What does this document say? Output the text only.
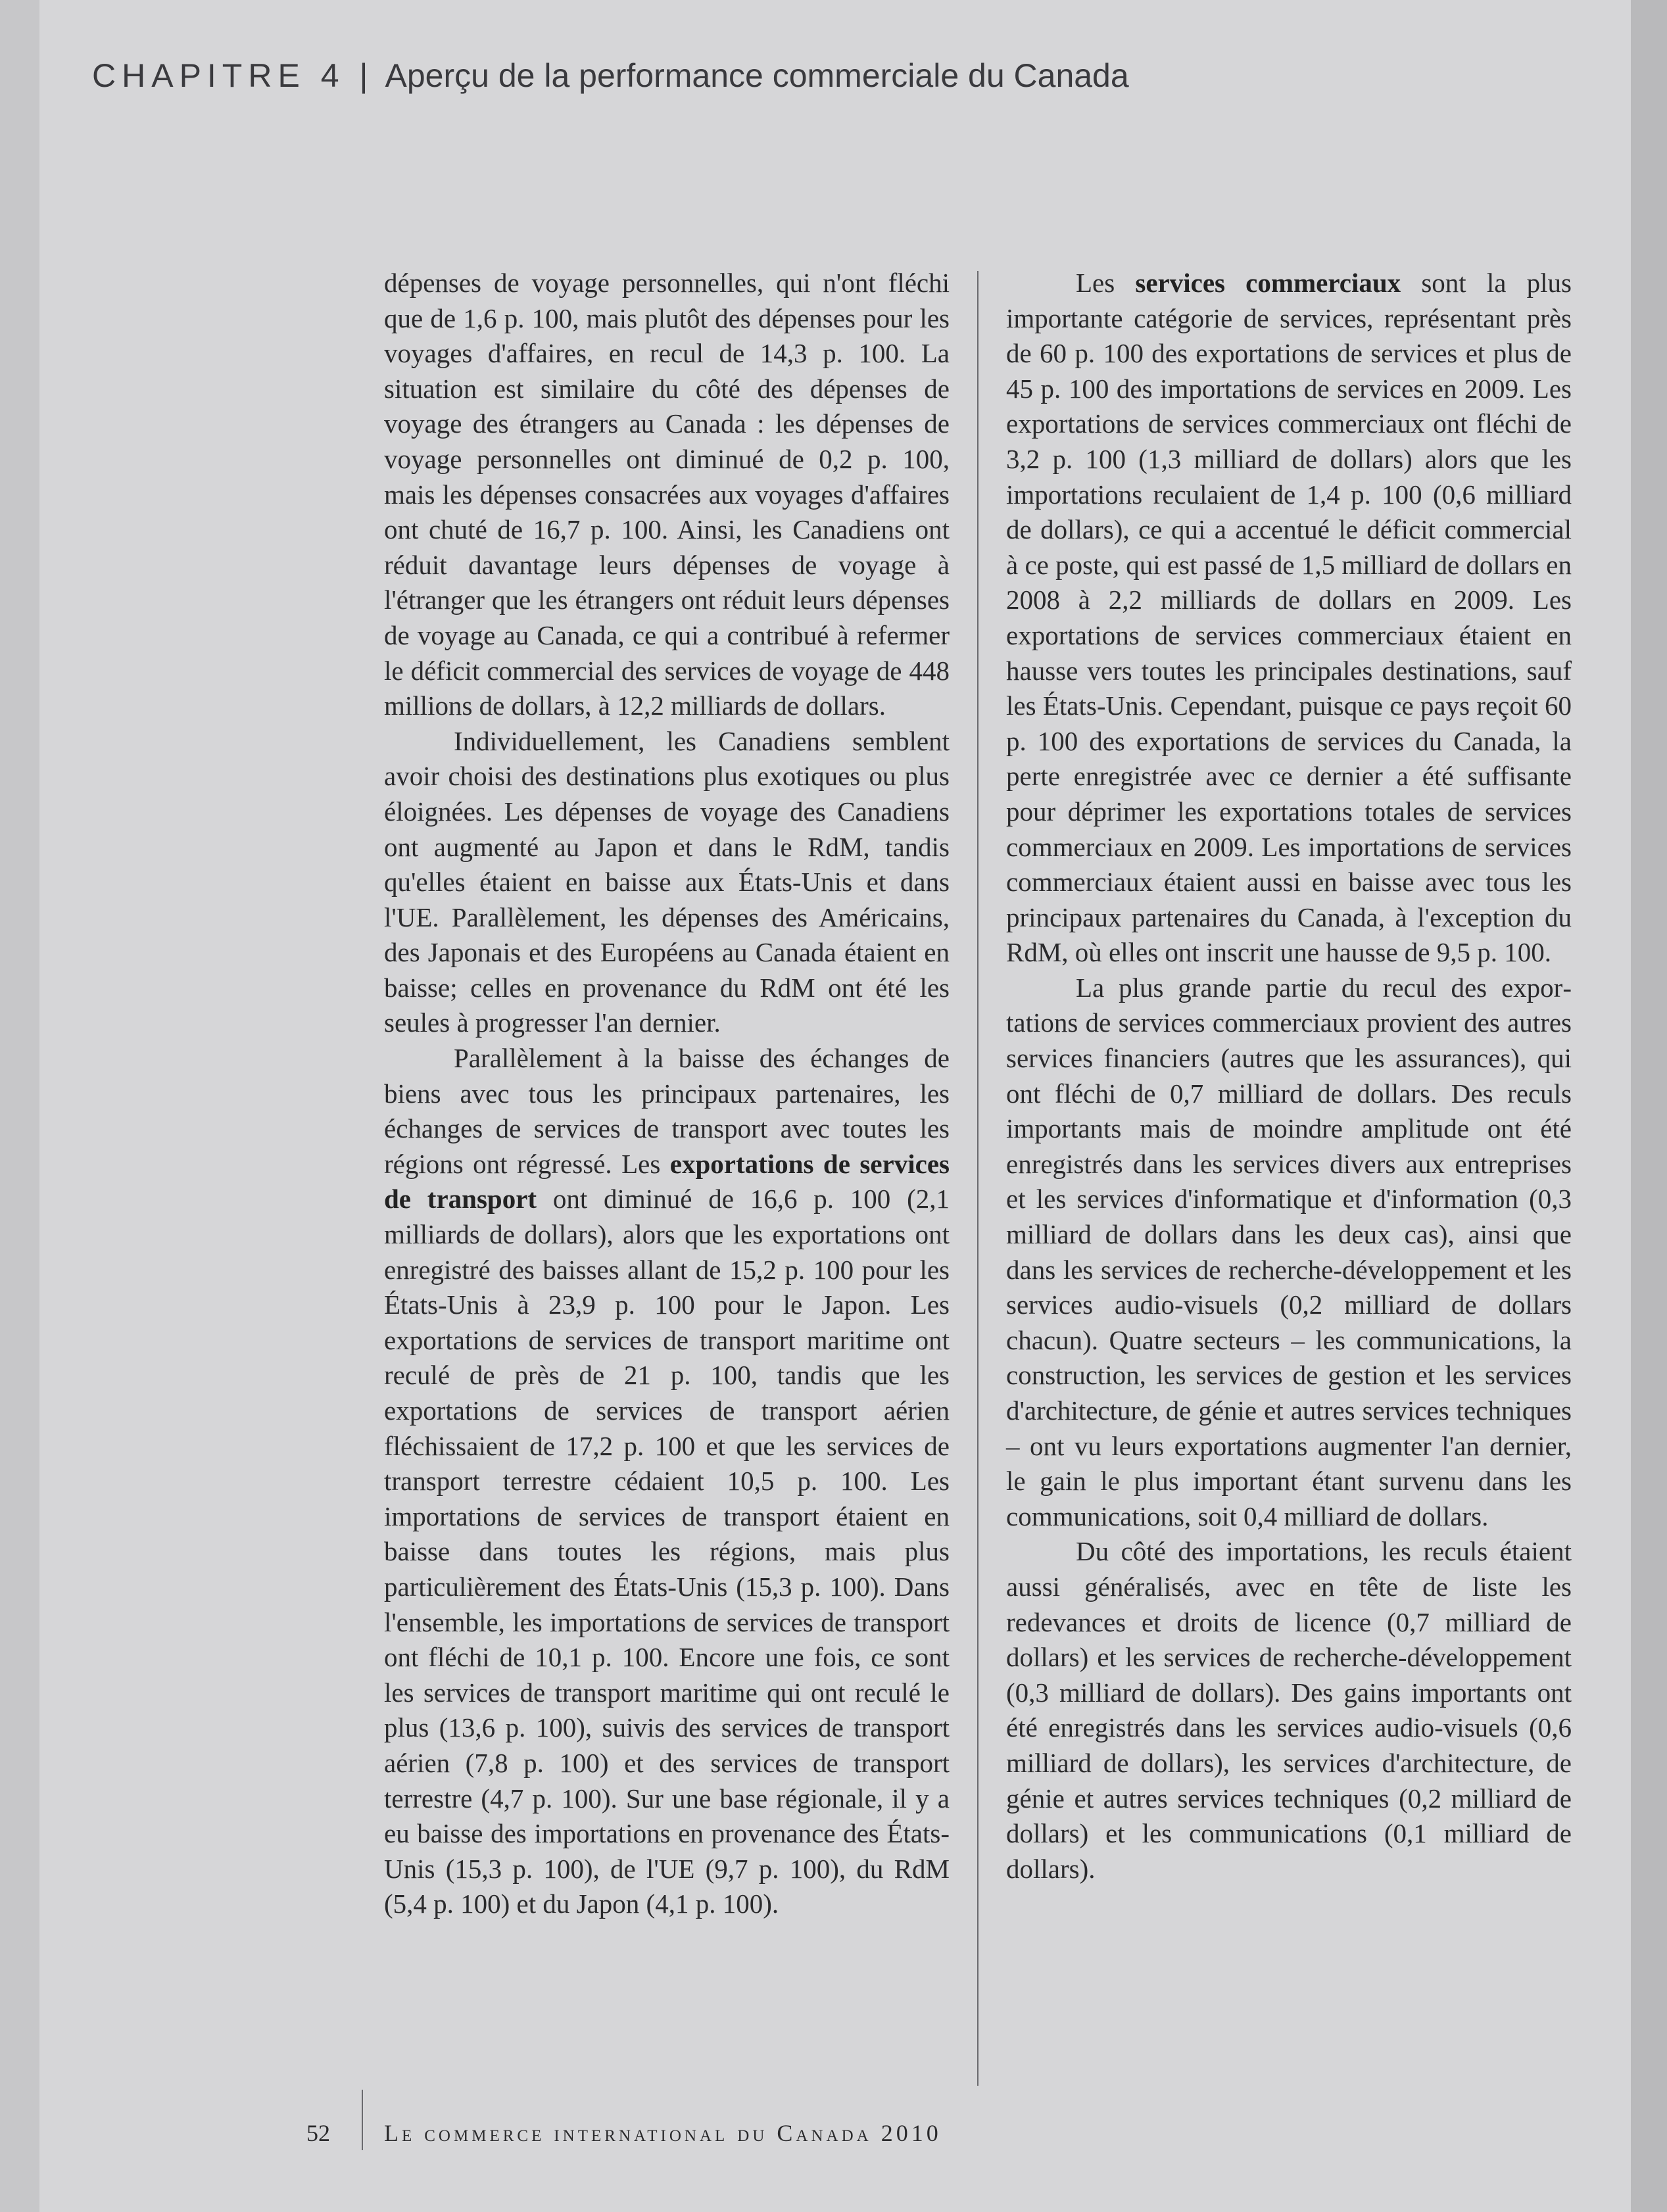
CHAPITRE 4 | Aperçu de la performance commerciale du Canada

dépenses de voyage personnelles, qui n'ont fléchi que de 1,6 p. 100, mais plutôt des dépenses pour les voyages d'affaires, en recul de 14,3 p. 100. La situation est similaire du côté des dépenses de voyage des étrangers au Canada : les dépenses de voyage personnelles ont diminué de 0,2 p. 100, mais les dépenses consacrées aux voyages d'affaires ont chuté de 16,7 p. 100. Ainsi, les Canadiens ont réduit davantage leurs dépenses de voyage à l'étranger que les étrangers ont réduit leurs dépenses de voyage au Canada, ce qui a contribué à refermer le déficit commercial des services de voyage de 448 millions de dollars, à 12,2 milliards de dollars.

Individuellement, les Canadiens semblent avoir choisi des destinations plus exotiques ou plus éloignées. Les dépenses de voyage des Canadiens ont augmenté au Japon et dans le RdM, tandis qu'elles étaient en baisse aux États-Unis et dans l'UE. Parallèlement, les dépenses des Américains, des Japonais et des Européens au Canada étaient en baisse; celles en provenance du RdM ont été les seules à progresser l'an dernier.

Parallèlement à la baisse des échanges de biens avec tous les principaux partenaires, les échanges de services de transport avec toutes les régions ont régressé. Les exportations de services de transport ont diminué de 16,6 p. 100 (2,1 milliards de dollars), alors que les exportations ont enregistré des baisses allant de 15,2 p. 100 pour les États-Unis à 23,9 p. 100 pour le Japon. Les exportations de services de transport maritime ont reculé de près de 21 p. 100, tandis que les exportations de services de transport aérien fléchissaient de 17,2 p. 100 et que les services de transport terrestre cédaient 10,5 p. 100. Les importations de services de transport étaient en baisse dans toutes les régions, mais plus particulièrement des États-Unis (15,3 p. 100). Dans l'ensemble, les importations de services de transport ont fléchi de 10,1 p. 100. Encore une fois, ce sont les services de transport maritime qui ont reculé le plus (13,6 p. 100), suivis des services de transport aérien (7,8 p. 100) et des services de transport terrestre (4,7 p. 100). Sur une base régionale, il y a eu baisse des importations en provenance des États-Unis (15,3 p. 100), de l'UE (9,7 p. 100), du RdM (5,4 p. 100) et du Japon (4,1 p. 100).

Les services commerciaux sont la plus importante catégorie de services, représentant près de 60 p. 100 des exportations de services et plus de 45 p. 100 des importations de services en 2009. Les exportations de services commerciaux ont fléchi de 3,2 p. 100 (1,3 milliard de dollars) alors que les importations reculaient de 1,4 p. 100 (0,6 milliard de dollars), ce qui a accentué le déficit commercial à ce poste, qui est passé de 1,5 milliard de dollars en 2008 à 2,2 milliards de dollars en 2009. Les exportations de services commerciaux étaient en hausse vers toutes les principales destinations, sauf les États-Unis. Cependant, puisque ce pays reçoit 60 p. 100 des exportations de services du Canada, la perte enregistrée avec ce dernier a été suffisante pour déprimer les exportations totales de services commerciaux en 2009. Les importations de services commerciaux étaient aussi en baisse avec tous les principaux partenaires du Canada, à l'exception du RdM, où elles ont inscrit une hausse de 9,5 p. 100.

La plus grande partie du recul des exportations de services commerciaux provient des autres services financiers (autres que les assurances), qui ont fléchi de 0,7 milliard de dollars. Des reculs importants mais de moindre amplitude ont été enregistrés dans les services divers aux entreprises et les services d'informatique et d'information (0,3 milliard de dollars dans les deux cas), ainsi que dans les services de recherche-développement et les services audio-visuels (0,2 milliard de dollars chacun). Quatre secteurs – les communications, la construction, les services de gestion et les services d'architecture, de génie et autres services techniques – ont vu leurs exportations augmenter l'an dernier, le gain le plus important étant survenu dans les communications, soit 0,4 milliard de dollars.

Du côté des importations, les reculs étaient aussi généralisés, avec en tête de liste les redevances et droits de licence (0,7 milliard de dollars) et les services de recherche-développement (0,3 milliard de dollars). Des gains importants ont été enregistrés dans les services audio-visuels (0,6 milliard de dollars), les services d'architecture, de génie et autres services techniques (0,2 milliard de dollars) et les communications (0,1 milliard de dollars).

52 Le commerce international du Canada 2010
